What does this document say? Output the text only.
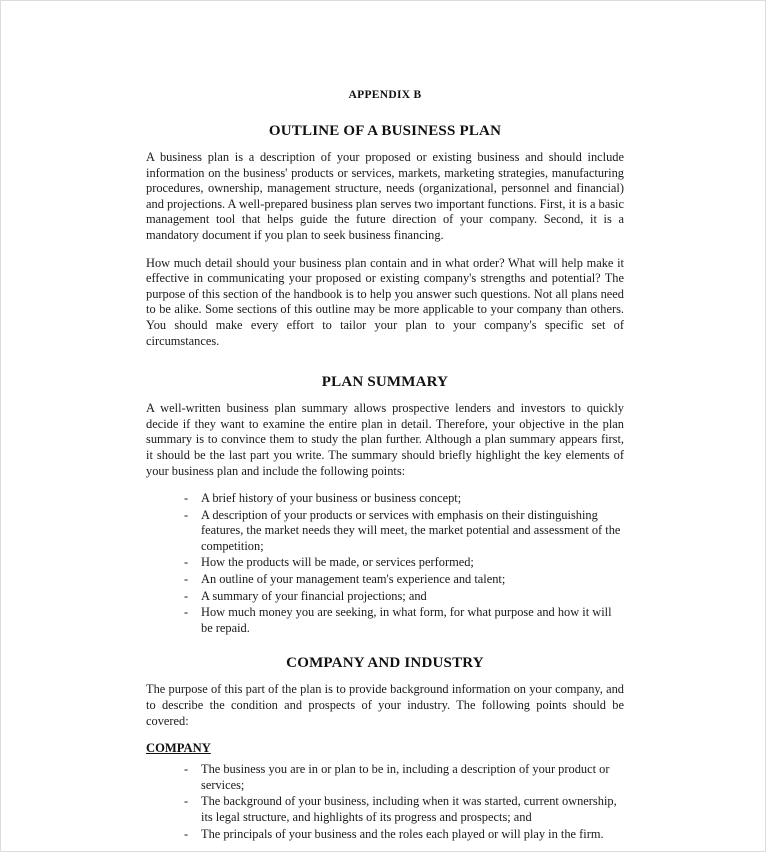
APPENDIX B
OUTLINE OF A BUSINESS PLAN

A business plan is a description of your proposed or existing business and should include information on the business' products or services, markets, marketing strategies, manufacturing procedures, ownership, management structure, needs (organizational, personnel and financial) and projections. A well-prepared business plan serves two important functions. First, it is a basic management tool that helps guide the future direction of your company. Second, it is a mandatory document if you plan to seek business financing.

How much detail should your business plan contain and in what order? What will help make it effective in communicating your proposed or existing company's strengths and potential? The purpose of this section of the handbook is to help you answer such questions. Not all plans need to be alike. Some sections of this outline may be more applicable to your company than others. You should make every effort to tailor your plan to your company's specific set of circumstances.

PLAN SUMMARY

A well-written business plan summary allows prospective lenders and investors to quickly decide if they want to examine the entire plan in detail. Therefore, your objective in the plan summary is to convince them to study the plan further. Although a plan summary appears first, it should be the last part you write. The summary should briefly highlight the key elements of your business plan and include the following points:

- A brief history of your business or business concept;
- A description of your products or services with emphasis on their distinguishing features, the market needs they will meet, the market potential and assessment of the competition;
- How the products will be made, or services performed;
- An outline of your management team's experience and talent;
- A summary of your financial projections; and
- How much money you are seeking, in what form, for what purpose and how it will be repaid.
COMPANY AND INDUSTRY

The purpose of this part of the plan is to provide background information on your company, and to describe the condition and prospects of your industry. The following points should be covered:

COMPANY
- The business you are in or plan to be in, including a description of your product or services;
- The background of your business, including when it was started, current ownership, its legal structure, and highlights of its progress and prospects; and
- The principals of your business and the roles each played or will play in the firm.
